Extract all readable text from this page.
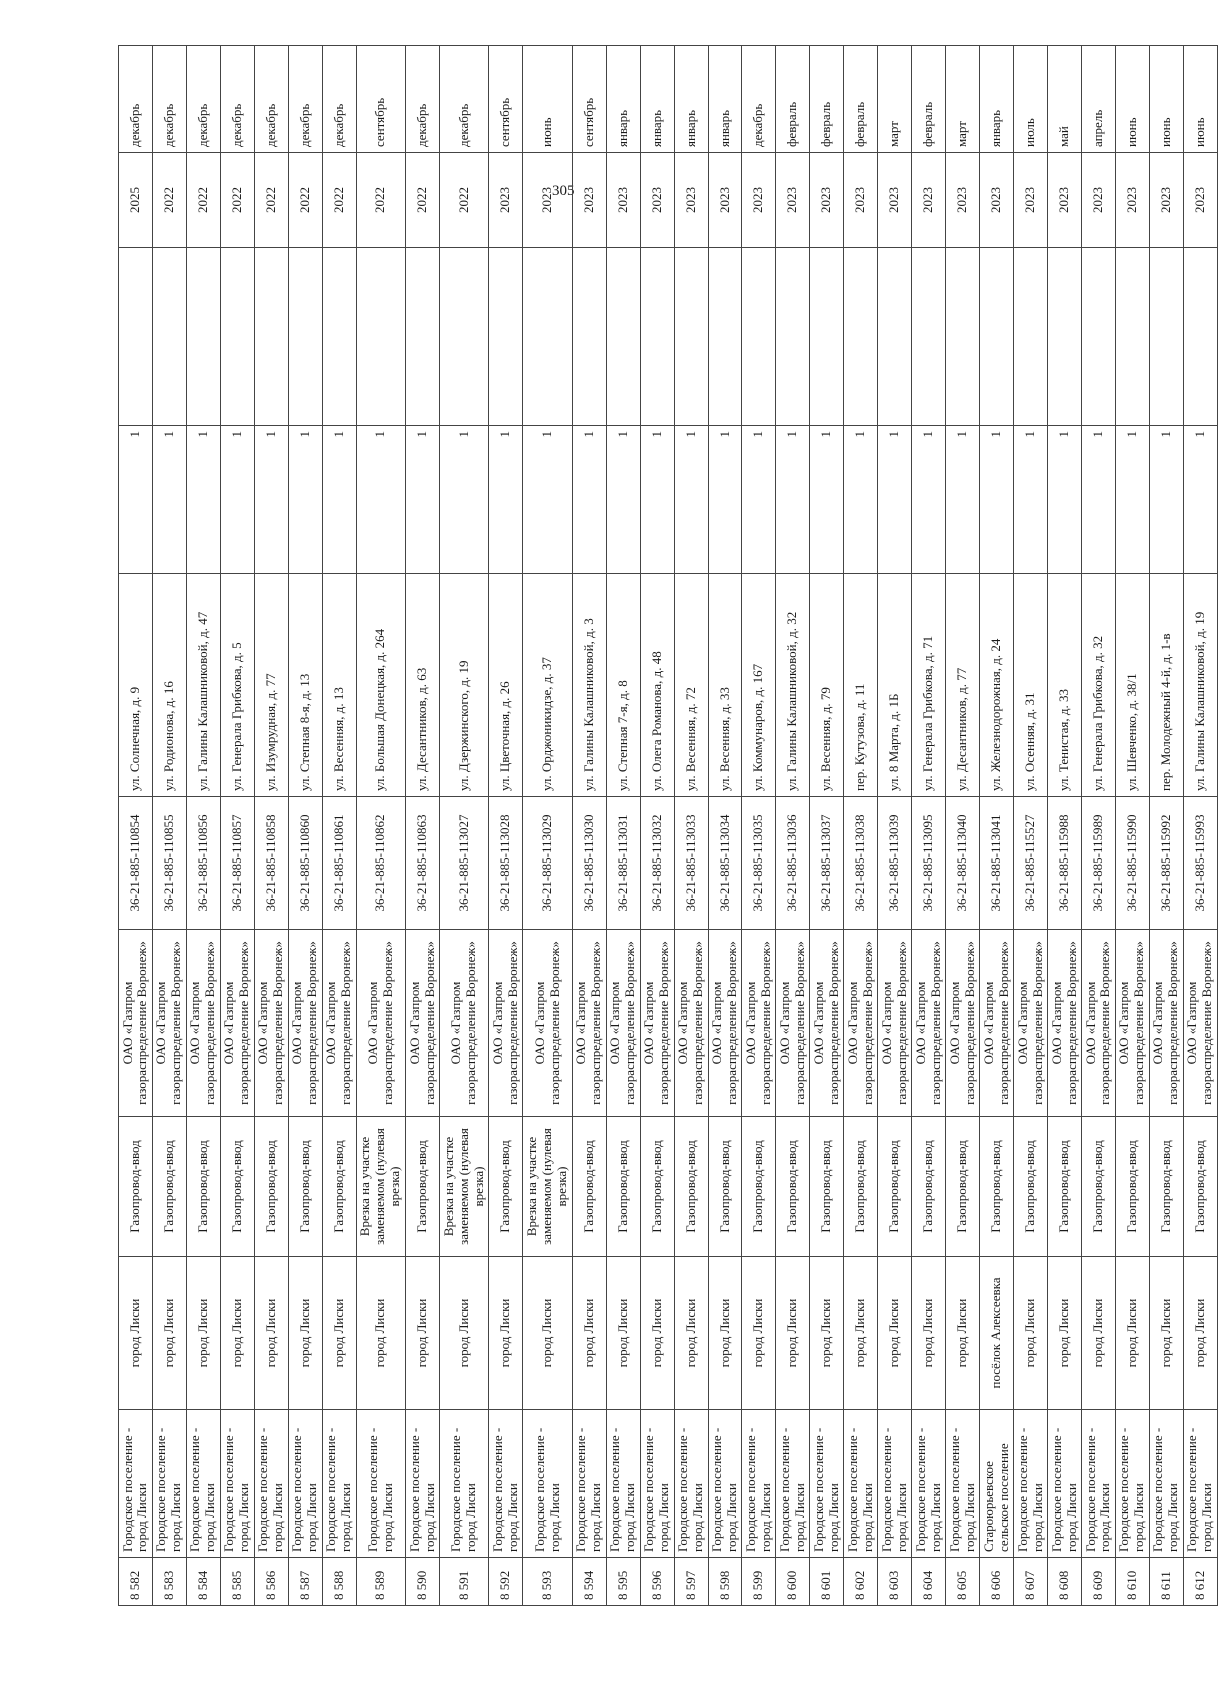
305
8 582	Городское поселение - город Лиски	город Лиски	Газопровод-ввод	ОАО «Газпром газораспределение Воронеж»	36-21-885-110854	ул. Солнечная, д. 9	1		2025	декабрь
8 583	Городское поселение - город Лиски	город Лиски	Газопровод-ввод	ОАО «Газпром газораспределение Воронеж»	36-21-885-110855	ул. Родионова, д. 16	1		2022	декабрь
8 584	Городское поселение - город Лиски	город Лиски	Газопровод-ввод	ОАО «Газпром газораспределение Воронеж»	36-21-885-110856	ул. Галины Калашниковой, д. 47	1		2022	декабрь
8 585	Городское поселение - город Лиски	город Лиски	Газопровод-ввод	ОАО «Газпром газораспределение Воронеж»	36-21-885-110857	ул. Генерала Грибкова, д. 5	1		2022	декабрь
8 586	Городское поселение - город Лиски	город Лиски	Газопровод-ввод	ОАО «Газпром газораспределение Воронеж»	36-21-885-110858	ул. Изумрудная, д. 77	1		2022	декабрь
8 587	Городское поселение - город Лиски	город Лиски	Газопровод-ввод	ОАО «Газпром газораспределение Воронеж»	36-21-885-110860	ул. Степная 8-я, д. 13	1		2022	декабрь
8 588	Городское поселение - город Лиски	город Лиски	Газопровод-ввод	ОАО «Газпром газораспределение Воронеж»	36-21-885-110861	ул. Весенняя, д. 13	1		2022	декабрь
8 589	Городское поселение - город Лиски	город Лиски	Врезка на участке заменяемом (нулевая врезка)	ОАО «Газпром газораспределение Воронеж»	36-21-885-110862	ул. Большая Донецкая, д. 264	1		2022	сентябрь
8 590	Городское поселение - город Лиски	город Лиски	Газопровод-ввод	ОАО «Газпром газораспределение Воронеж»	36-21-885-110863	ул. Десантников, д. 63	1		2022	декабрь
8 591	Городское поселение - город Лиски	город Лиски	Врезка на участке заменяемом (нулевая врезка)	ОАО «Газпром газораспределение Воронеж»	36-21-885-113027	ул. Дзержинского, д. 19	1		2022	декабрь
8 592	Городское поселение - город Лиски	город Лиски	Газопровод-ввод	ОАО «Газпром газораспределение Воронеж»	36-21-885-113028	ул. Цветочная, д. 26	1		2023	сентябрь
8 593	Городское поселение - город Лиски	город Лиски	Врезка на участке заменяемом (нулевая врезка)	ОАО «Газпром газораспределение Воронеж»	36-21-885-113029	ул. Орджоникидзе, д. 37	1		2023	июнь
8 594	Городское поселение - город Лиски	город Лиски	Газопровод-ввод	ОАО «Газпром газораспределение Воронеж»	36-21-885-113030	ул. Галины Калашниковой, д. 3	1		2023	сентябрь
8 595	Городское поселение - город Лиски	город Лиски	Газопровод-ввод	ОАО «Газпром газораспределение Воронеж»	36-21-885-113031	ул. Степная 7-я, д. 8	1		2023	январь
8 596	Городское поселение - город Лиски	город Лиски	Газопровод-ввод	ОАО «Газпром газораспределение Воронеж»	36-21-885-113032	ул. Олега Романова, д. 48	1		2023	январь
8 597	Городское поселение - город Лиски	город Лиски	Газопровод-ввод	ОАО «Газпром газораспределение Воронеж»	36-21-885-113033	ул. Весенняя, д. 72	1		2023	январь
8 598	Городское поселение - город Лиски	город Лиски	Газопровод-ввод	ОАО «Газпром газораспределение Воронеж»	36-21-885-113034	ул. Весенняя, д. 33	1		2023	январь
8 599	Городское поселение - город Лиски	город Лиски	Газопровод-ввод	ОАО «Газпром газораспределение Воронеж»	36-21-885-113035	ул. Коммунаров, д. 167	1		2023	декабрь
8 600	Городское поселение - город Лиски	город Лиски	Газопровод-ввод	ОАО «Газпром газораспределение Воронеж»	36-21-885-113036	ул. Галины Калашниковой, д. 32	1		2023	февраль
8 601	Городское поселение - город Лиски	город Лиски	Газопровод-ввод	ОАО «Газпром газораспределение Воронеж»	36-21-885-113037	ул. Весенняя, д. 79	1		2023	февраль
8 602	Городское поселение - город Лиски	город Лиски	Газопровод-ввод	ОАО «Газпром газораспределение Воронеж»	36-21-885-113038	пер. Кутузова, д. 11	1		2023	февраль
8 603	Городское поселение - город Лиски	город Лиски	Газопровод-ввод	ОАО «Газпром газораспределение Воронеж»	36-21-885-113039	ул. 8 Марта, д. 1Б	1		2023	март
8 604	Городское поселение - город Лиски	город Лиски	Газопровод-ввод	ОАО «Газпром газораспределение Воронеж»	36-21-885-113095	ул. Генерала Грибкова, д. 71	1		2023	февраль
8 605	Городское поселение - город Лиски	город Лиски	Газопровод-ввод	ОАО «Газпром газораспределение Воронеж»	36-21-885-113040	ул. Десантников, д. 77	1		2023	март
8 606	Староюрьевское сельское поселение	посёлок Алексеевка	Газопровод-ввод	ОАО «Газпром газораспределение Воронеж»	36-21-885-113041	ул. Железнодорожная, д. 24	1		2023	январь
8 607	Городское поселение - город Лиски	город Лиски	Газопровод-ввод	ОАО «Газпром газораспределение Воронеж»	36-21-885-115527	ул. Осенняя, д. 31	1		2023	июль
8 608	Городское поселение - город Лиски	город Лиски	Газопровод-ввод	ОАО «Газпром газораспределение Воронеж»	36-21-885-115988	ул. Тенистая, д. 33	1		2023	май
8 609	Городское поселение - город Лиски	город Лиски	Газопровод-ввод	ОАО «Газпром газораспределение Воронеж»	36-21-885-115989	ул. Генерала Грибкова, д. 32	1		2023	апрель
8 610	Городское поселение - город Лиски	город Лиски	Газопровод-ввод	ОАО «Газпром газораспределение Воронеж»	36-21-885-115990	ул. Шевченко, д. 38/1	1		2023	июнь
8 611	Городское поселение - город Лиски	город Лиски	Газопровод-ввод	ОАО «Газпром газораспределение Воронеж»	36-21-885-115992	пер. Молодежный 4-й, д. 1-в	1		2023	июнь
8 612	Городское поселение - город Лиски	город Лиски	Газопровод-ввод	ОАО «Газпром газораспределение Воронеж»	36-21-885-115993	ул. Галины Калашниковой, д. 19	1		2023	июнь
